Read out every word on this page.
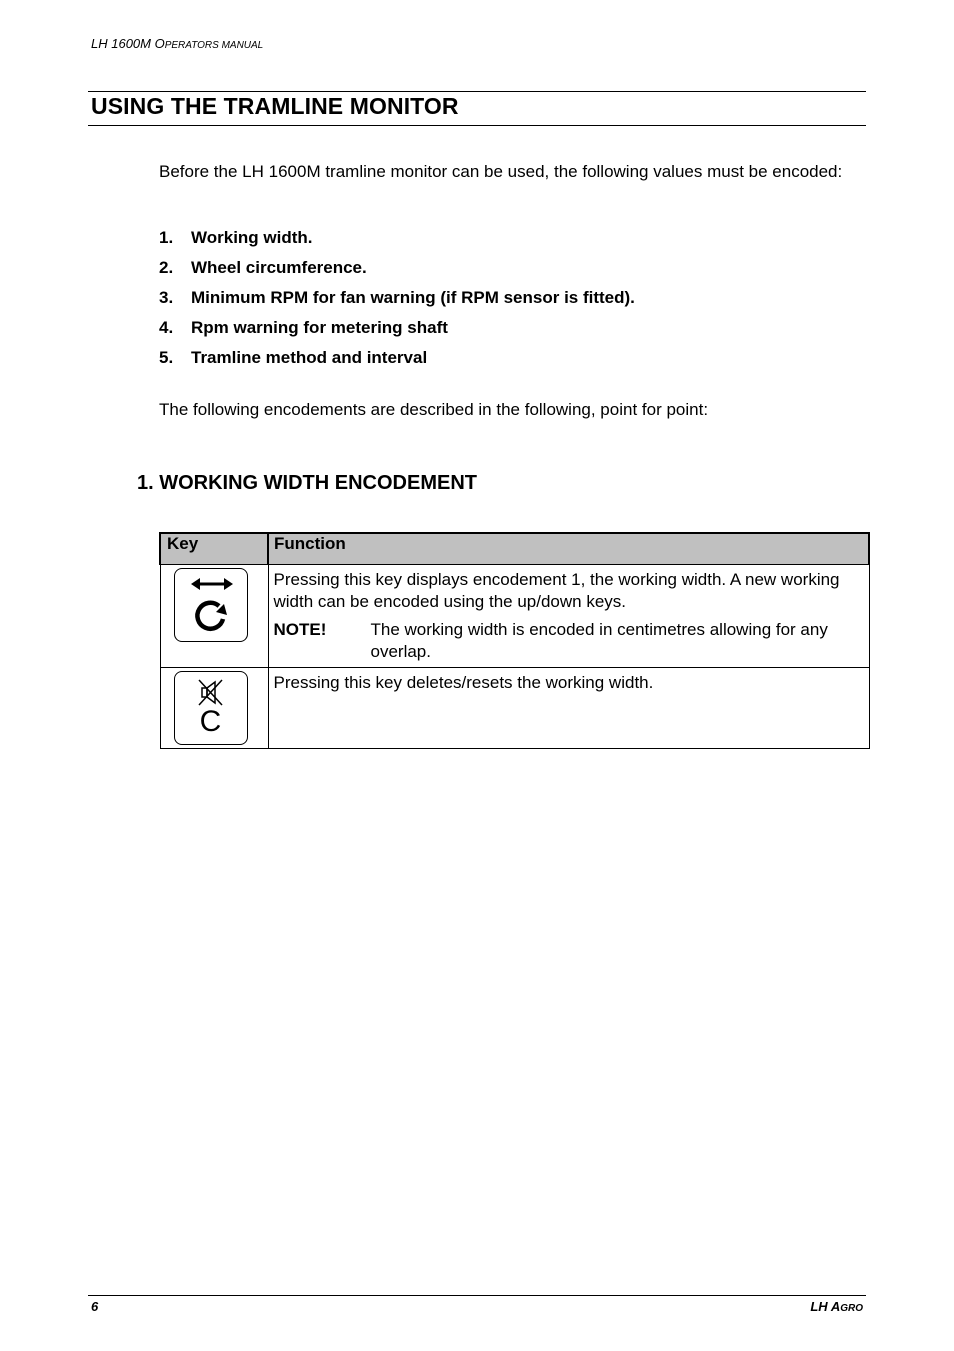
LH 1600M OPERATORS MANUAL
USING THE TRAMLINE MONITOR
Before the LH 1600M tramline monitor can be used, the following values must be encoded:
1.	Working width.
2.	Wheel circumference.
3.	Minimum RPM for fan warning (if RPM sensor is fitted).
4.	Rpm warning for metering shaft
5.	Tramline method and interval
The following encodements are described in the following, point for point:
1. WORKING WIDTH ENCODEMENT
Key	Function

Pressing this key displays encodement 1, the working width. A new working width can be encoded using the up/down keys.
NOTE! The working width is encoded in centimetres allowing for any overlap.

C	Pressing this key deletes/resets the working width.
6	LH AGRO
